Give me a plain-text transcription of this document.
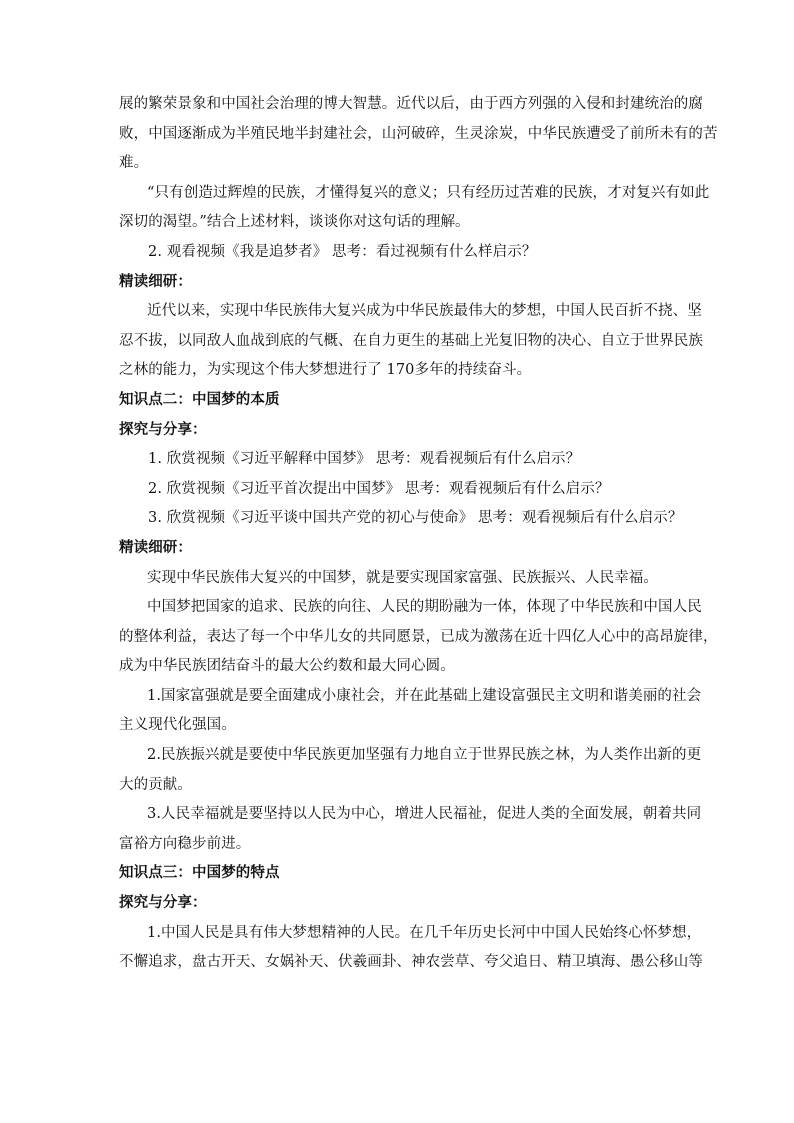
展的繁荣景象和中国社会治理的博大智慧。近代以后，由于西方列强的入侵和封建统治的腐
败，中国逐渐成为半殖民地半封建社会，山河破碎，生灵涂炭，中华民族遭受了前所未有的苦
难。
“只有创造过辉煌的民族，才懂得复兴的意义；只有经历过苦难的民族，才对复兴有如此
深切的渴望。”结合上述材料，谈谈你对这句话的理解。
2. 观看视频《我是追梦者》 思考：看过视频有什么样启示？
精读细研：
近代以来，实现中华民族伟大复兴成为中华民族最伟大的梦想，中国人民百折不挠、坚
忍不拔，以同敌人血战到底的气概、在自力更生的基础上光复旧物的决心、自立于世界民族
之林的能力，为实现这个伟大梦想进行了 170多年的持续奋斗。
知识点二：中国梦的本质
探究与分享：
1. 欣赏视频《习近平解释中国梦》 思考：观看视频后有什么启示？
2. 欣赏视频《习近平首次提出中国梦》 思考：观看视频后有什么启示？
3. 欣赏视频《习近平谈中国共产党的初心与使命》 思考：观看视频后有什么启示？
精读细研：
实现中华民族伟大复兴的中国梦，就是要实现国家富强、民族振兴、人民幸福。
中国梦把国家的追求、民族的向往、人民的期盼融为一体，体现了中华民族和中国人民
的整体利益，表达了每一个中华儿女的共同愿景，已成为激荡在近十四亿人心中的高昂旋律，
成为中华民族团结奋斗的最大公约数和最大同心圆。
1.国家富强就是要全面建成小康社会，并在此基础上建设富强民主文明和谐美丽的社会
主义现代化强国。
2.民族振兴就是要使中华民族更加坚强有力地自立于世界民族之林，为人类作出新的更
大的贡献。
3.人民幸福就是要坚持以人民为中心，增进人民福祉，促进人类的全面发展，朝着共同
富裕方向稳步前进。
知识点三：中国梦的特点
探究与分享：
1.中国人民是具有伟大梦想精神的人民。在几千年历史长河中中国人民始终心怀梦想，
不懈追求，盘古开天、女娲补天、伏羲画卦、神农尝草、夸父追日、精卫填海、愚公移山等
